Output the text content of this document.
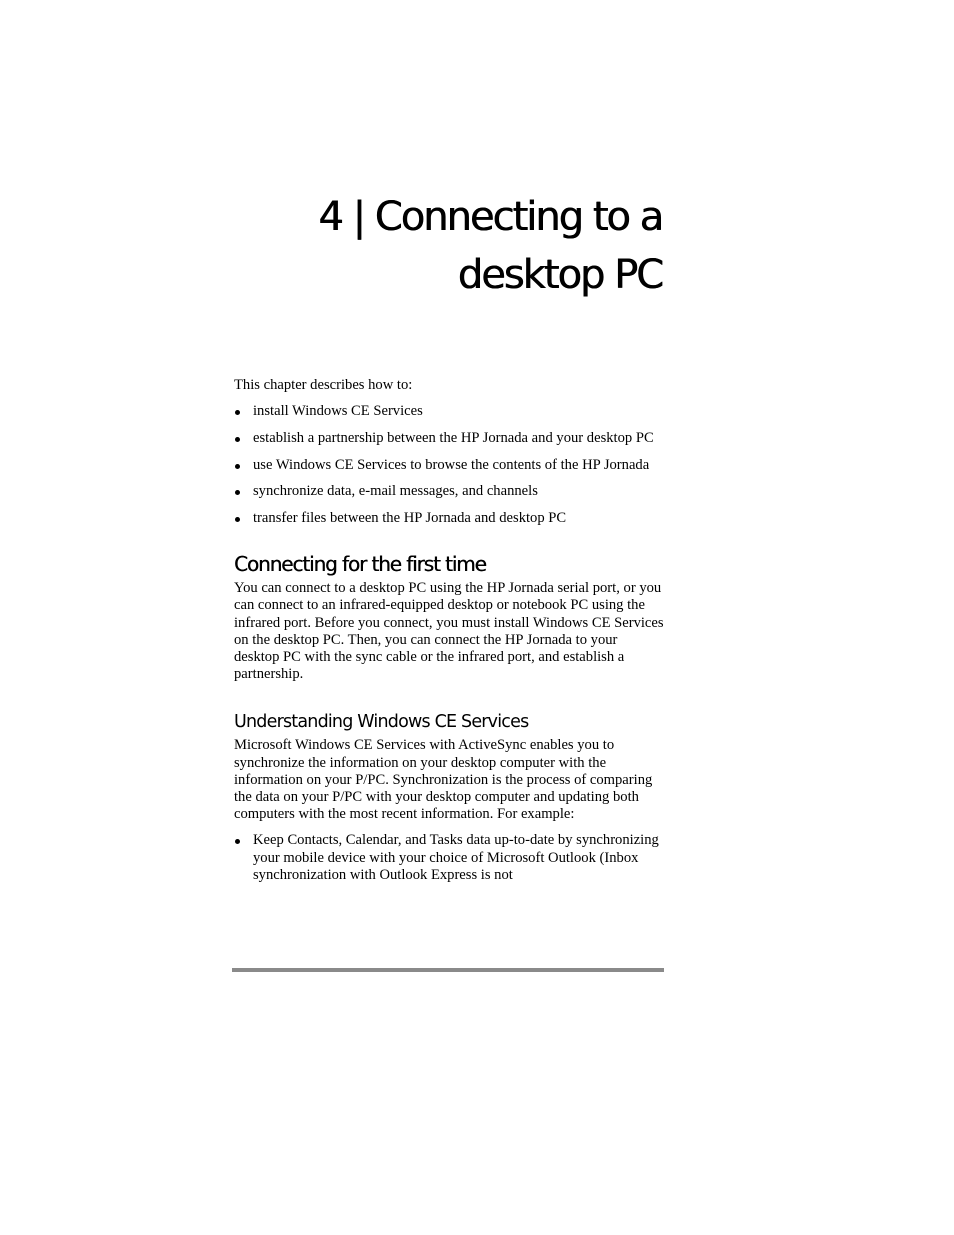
4 | Connecting to a
desktop PC

This chapter describes how to:

install Windows CE Services
establish a partnership between the HP Jornada and your desktop PC
use Windows CE Services to browse the contents of the HP Jornada
synchronize data, e-mail messages, and channels
transfer files between the HP Jornada and desktop PC
Connecting for the first time

You can connect to a desktop PC using the HP Jornada serial port, or you can connect to an infrared-equipped desktop or notebook PC using the infrared port. Before you connect, you must install Windows CE Services on the desktop PC. Then, you can connect the HP Jornada to your desktop PC with the sync cable or the infrared port, and establish a partnership.

Understanding Windows CE Services

Microsoft Windows CE Services with ActiveSync enables you to synchronize the information on your desktop computer with the information on your P/PC. Synchronization is the process of comparing the data on your P/PC with your desktop computer and updating both computers with the most recent information. For example:

Keep Contacts, Calendar, and Tasks data up-to-date by synchronizing your mobile device with your choice of Microsoft Outlook (Inbox synchronization with Outlook Express is not
